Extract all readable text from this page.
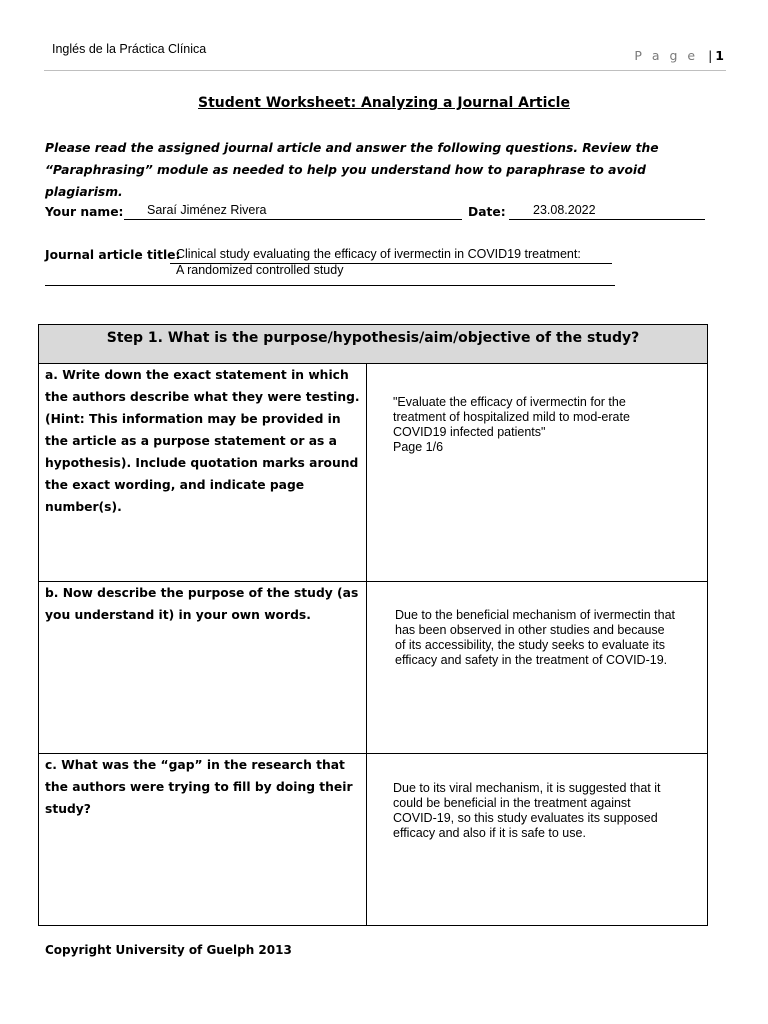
Inglés de la Práctica Clínica	P a g e | 1
Student Worksheet: Analyzing a Journal Article
Please read the assigned journal article and answer the following questions. Review the “Paraphrasing” module as needed to help you understand how to paraphrase to avoid plagiarism.
Your name: Saraí Jiménez Rivera	Date: 23.08.2022
Journal article title:
Clinical study evaluating the efficacy of ivermectin in COVID19 treatment:
A randomized controlled study
Step 1. What is the purpose/hypothesis/aim/objective of the study?	
a. Write down the exact statement in which the authors describe what they were testing. (Hint: This information may be provided in the article as a purpose statement or as a hypothesis). Include quotation marks around the exact wording, and indicate page number(s).	"Evaluate the efficacy of ivermectin for the treatment of hospitalized mild to mod-erate COVID19 infected patients"
Page 1/6

b. Now describe the purpose of the study (as you understand it) in your own words.	Due to the beneficial mechanism of ivermectin that has been observed in other studies and because of its accessibility, the study seeks to evaluate its efficacy and safety in the treatment of COVID-19.

c. What was the “gap” in the research that the authors were trying to fill by doing their study?	Due to its viral mechanism, it is suggested that it could be beneficial in the treatment against COVID-19, so this study evaluates its supposed efficacy and also if it is safe to use.
Copyright University of Guelph 2013
